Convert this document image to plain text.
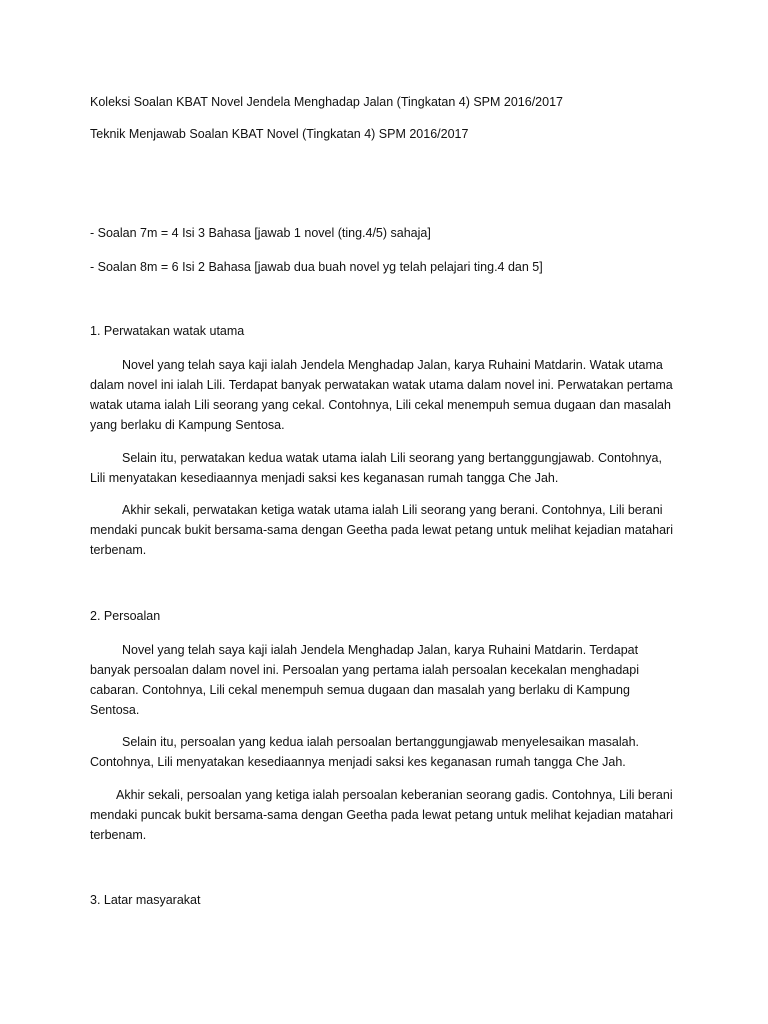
Koleksi Soalan KBAT Novel Jendela Menghadap Jalan (Tingkatan 4) SPM 2016/2017

Teknik Menjawab Soalan KBAT Novel (Tingkatan 4) SPM 2016/2017

- Soalan 7m = 4 Isi 3 Bahasa [jawab 1 novel (ting.4/5) sahaja]

- Soalan 8m = 6 Isi 2 Bahasa [jawab dua buah novel yg telah pelajari ting.4 dan 5]

1. Perwatakan watak utama

Novel yang telah saya kaji ialah Jendela Menghadap Jalan, karya Ruhaini Matdarin. Watak utama dalam novel ini ialah Lili. Terdapat banyak perwatakan watak utama dalam novel ini. Perwatakan pertama watak utama ialah Lili seorang yang cekal. Contohnya, Lili cekal menempuh semua dugaan dan masalah yang berlaku di Kampung Sentosa.

Selain itu, perwatakan kedua watak utama ialah Lili seorang yang bertanggungjawab. Contohnya, Lili menyatakan kesediaannya menjadi saksi kes keganasan rumah tangga Che Jah.

Akhir sekali, perwatakan ketiga watak utama ialah Lili seorang yang berani. Contohnya, Lili berani mendaki puncak bukit bersama-sama dengan Geetha pada lewat petang untuk melihat kejadian matahari terbenam.

2. Persoalan

Novel yang telah saya kaji ialah Jendela Menghadap Jalan, karya Ruhaini Matdarin. Terdapat banyak persoalan dalam novel ini. Persoalan yang pertama ialah persoalan kecekalan menghadapi cabaran. Contohnya, Lili cekal menempuh semua dugaan dan masalah yang berlaku di Kampung Sentosa.

Selain itu, persoalan yang kedua ialah persoalan bertanggungjawab menyelesaikan masalah. Contohnya, Lili menyatakan kesediaannya menjadi saksi kes keganasan rumah tangga Che Jah.

Akhir sekali, persoalan yang ketiga ialah persoalan keberanian seorang gadis. Contohnya, Lili berani mendaki puncak bukit bersama-sama dengan Geetha pada lewat petang untuk melihat kejadian matahari terbenam.

3. Latar masyarakat
